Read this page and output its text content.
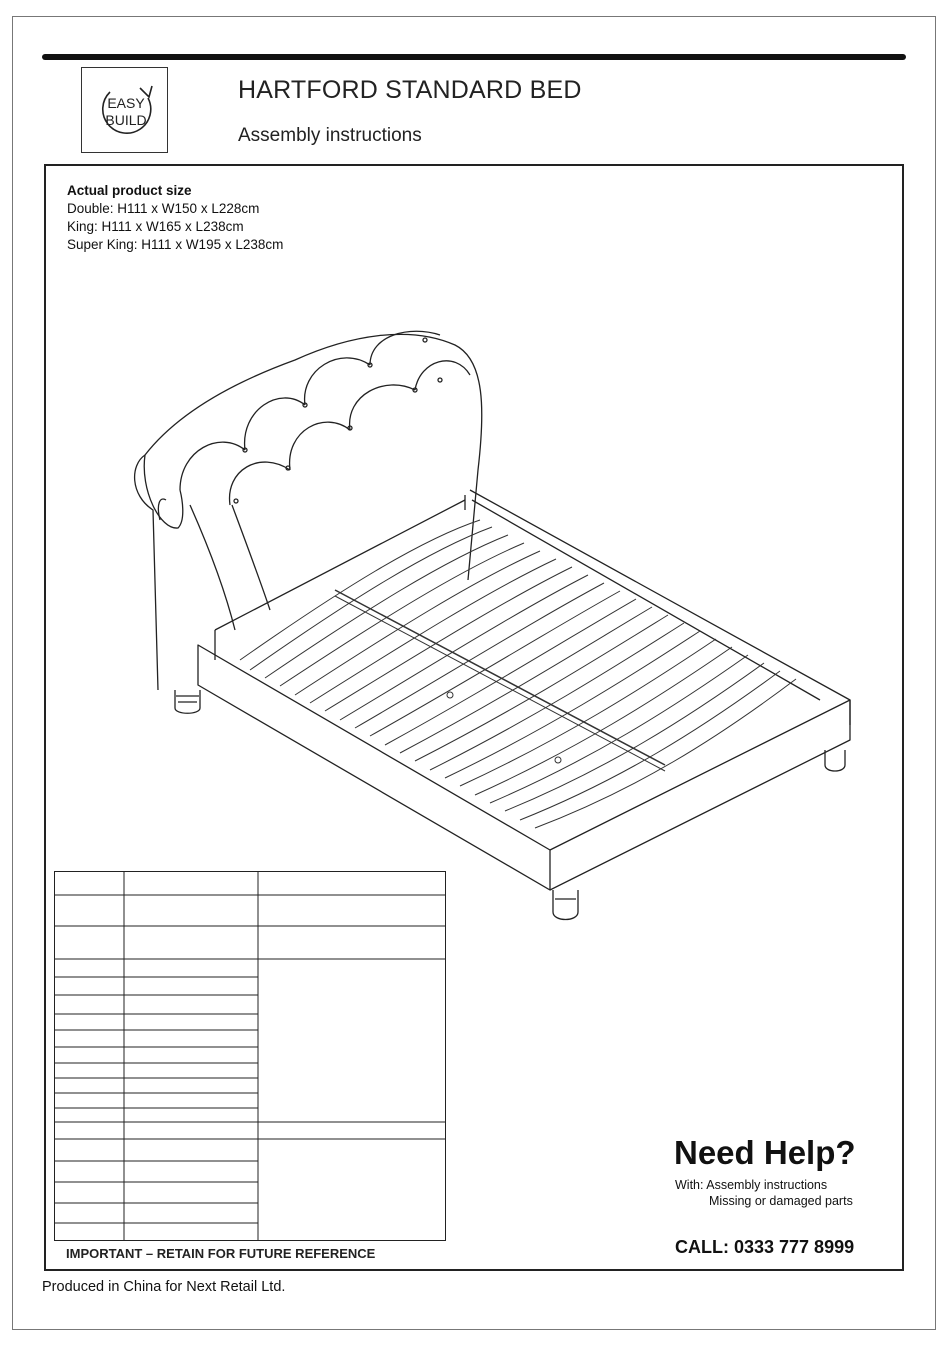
EASY
BUILD
HARTFORD STANDARD BED
Assembly instructions
Actual product size
Double: H111 x W150 x L228cm
King: H111 x W165 x L238cm
Super King: H111 x W195 x L238cm
IMPORTANT – RETAIN FOR FUTURE REFERENCE
Need Help?
With: Assembly instructions
Missing or damaged parts
CALL: 0333 777 8999
Produced in China for Next Retail Ltd.
